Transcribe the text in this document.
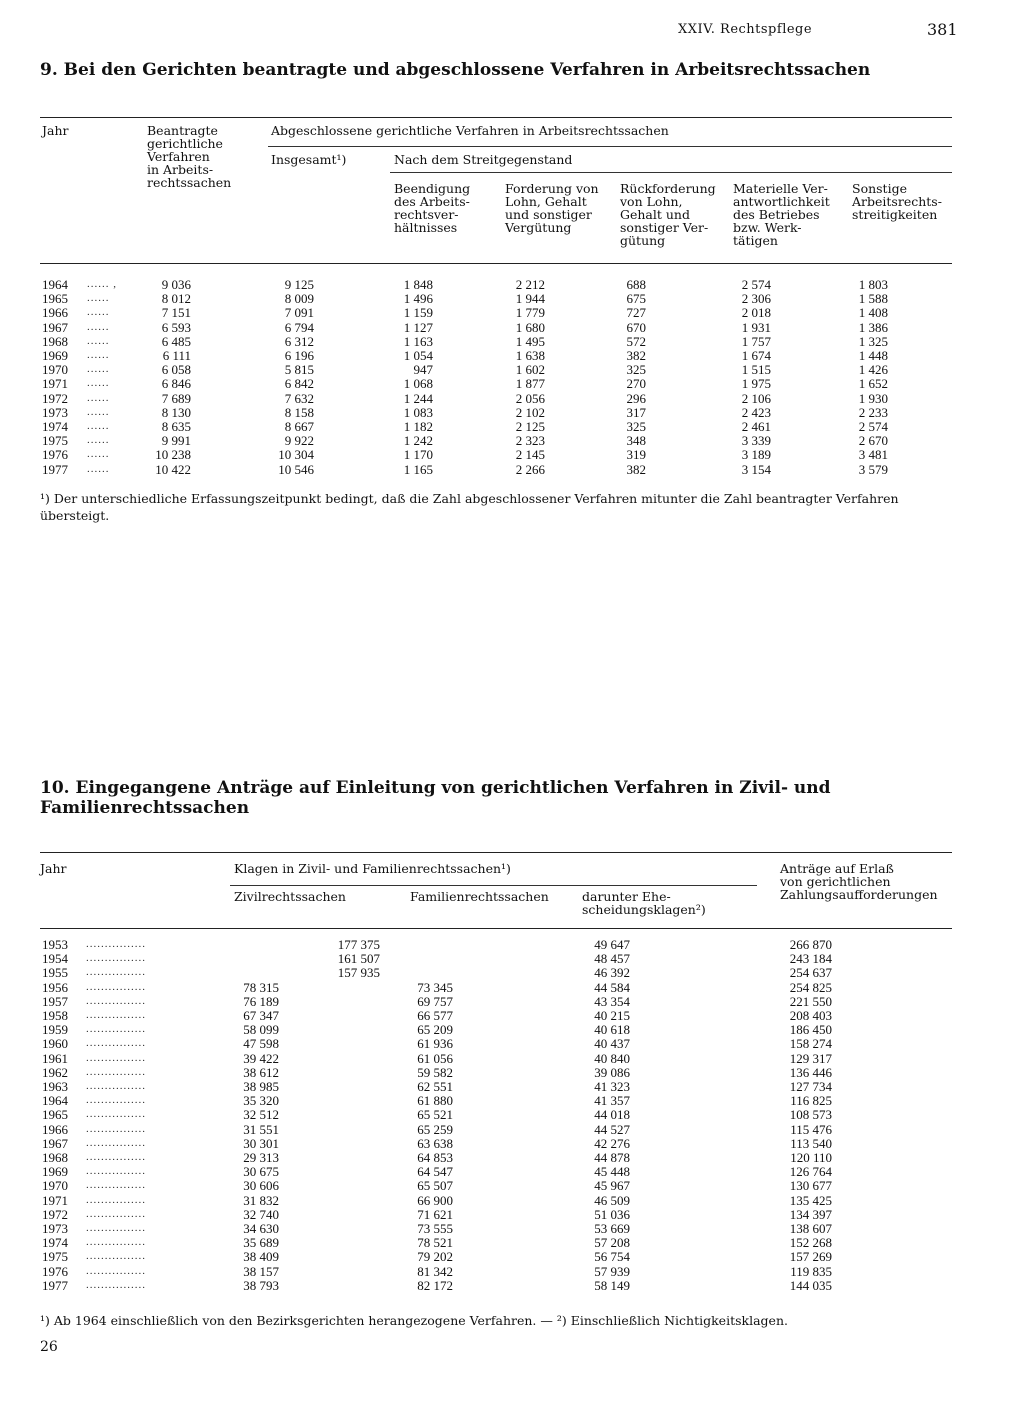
XXIV. Rechtspflege	381
9. Bei den Gerichten beantragte und abgeschlossene Verfahren in Arbeitsrechtssachen
Jahr	Beantragte
gerichtliche
Verfahren
in Arbeits-
rechtssachen
Abgeschlossene gerichtliche Verfahren in Arbeitsrechtssachen
Insgesamt¹)	Nach dem Streitgegenstand
Beendigung
des Arbeits-
rechtsver-
hältnisses
Forderung von
Lohn, Gehalt
und sonstiger
Vergütung
Rückforderung
von Lohn,
Gehalt und
sonstiger Ver-
gütung
Materielle Ver-
antwortlichkeit
des Betriebes
bzw. Werk-
tätigen
Sonstige
Arbeitsrechts-
streitigkeiten
1964 ...... ,	9 036	9 125	1 848	2 212	688	2 574	1 803
1965 ......	8 012	8 009	1 496	1 944	675	2 306	1 588
1966 ......	7 151	7 091	1 159	1 779	727	2 018	1 408
1967 ......	6 593	6 794	1 127	1 680	670	1 931	1 386
1968 ......	6 485	6 312	1 163	1 495	572	1 757	1 325
1969 ......	6 111	6 196	1 054	1 638	382	1 674	1 448
1970 ......	6 058	5 815	947	1 602	325	1 515	1 426
1971 ......	6 846	6 842	1 068	1 877	270	1 975	1 652
1972 ......	7 689	7 632	1 244	2 056	296	2 106	1 930
1973 ......	8 130	8 158	1 083	2 102	317	2 423	2 233
1974 ......	8 635	8 667	1 182	2 125	325	2 461	2 574
1975 ......	9 991	9 922	1 242	2 323	348	3 339	2 670
1976 ......	10 238	10 304	1 170	2 145	319	3 189	3 481
1977 ......	10 422	10 546	1 165	2 266	382	3 154	3 579
¹) Der unterschiedliche Erfassungszeitpunkt bedingt, daß die Zahl abgeschlossener Verfahren mitunter die Zahl beantragter Verfahren übersteigt.
10. Eingegangene Anträge auf Einleitung von gerichtlichen Verfahren in Zivil- und Familienrechtssachen
Jahr	Klagen in Zivil- und Familienrechtssachen¹)	Anträge auf Erlaß
von gerichtlichen
Zahlungsaufforderungen
Zivilrechtssachen	Familienrechtssachen	darunter Ehe-
scheidungsklagen²)
1953 ................	177 375	49 647	266 870
1954 ................	161 507	48 457	243 184
1955 ................	157 935	46 392	254 637
1956 ................	78 315	73 345	44 584	254 825
1957 ................	76 189	69 757	43 354	221 550
1958 ................	67 347	66 577	40 215	208 403
1959 ................	58 099	65 209	40 618	186 450
1960 ................	47 598	61 936	40 437	158 274
1961 ................	39 422	61 056	40 840	129 317
1962 ................	38 612	59 582	39 086	136 446
1963 ................	38 985	62 551	41 323	127 734
1964 ................	35 320	61 880	41 357	116 825
1965 ................	32 512	65 521	44 018	108 573
1966 ................	31 551	65 259	44 527	115 476
1967 ................	30 301	63 638	42 276	113 540
1968 ................	29 313	64 853	44 878	120 110
1969 ................	30 675	64 547	45 448	126 764
1970 ................	30 606	65 507	45 967	130 677
1971 ................	31 832	66 900	46 509	135 425
1972 ................	32 740	71 621	51 036	134 397
1973 ................	34 630	73 555	53 669	138 607
1974 ................	35 689	78 521	57 208	152 268
1975 ................	38 409	79 202	56 754	157 269
1976 ................	38 157	81 342	57 939	119 835
1977 ................	38 793	82 172	58 149	144 035
¹) Ab 1964 einschließlich von den Bezirksgerichten herangezogene Verfahren. — ²) Einschließlich Nichtigkeitsklagen.
26
